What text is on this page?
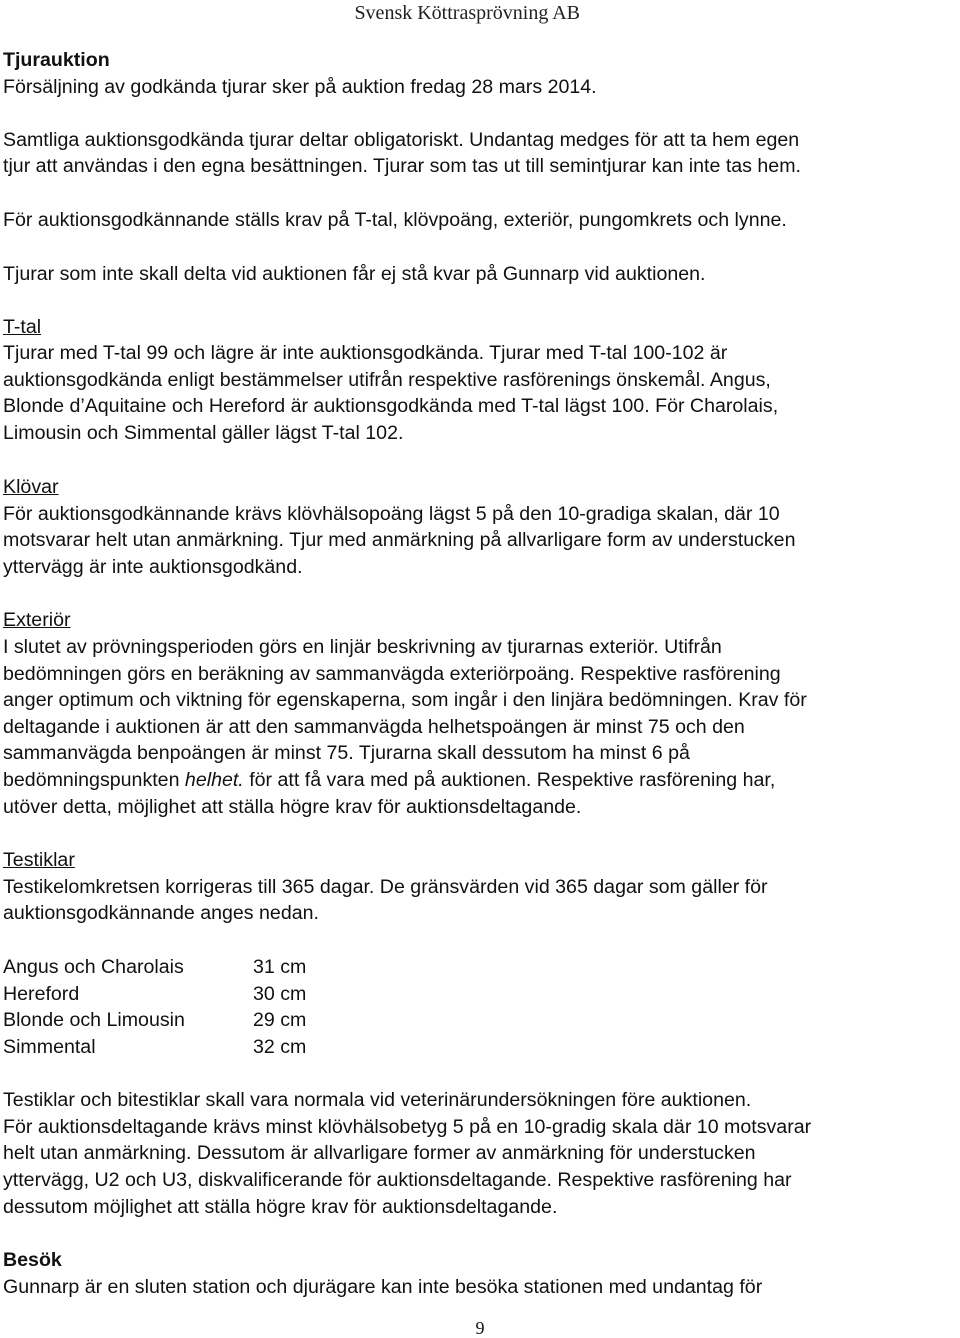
Svensk Köttrasprövning AB
Tjurauktion
Försäljning av godkända tjurar sker på auktion fredag 28 mars 2014.
Samtliga auktionsgodkända tjurar deltar obligatoriskt. Undantag medges för att ta hem egen
tjur att användas i den egna besättningen. Tjurar som tas ut till semintjurar kan inte tas hem.
För auktionsgodkännande ställs krav på T-tal, klövpoäng, exteriör, pungomkrets och lynne.
Tjurar som inte skall delta vid auktionen får ej stå kvar på Gunnarp vid auktionen.
T-tal
Tjurar med T-tal 99 och lägre är inte auktionsgodkända. Tjurar med T-tal 100-102 är
auktionsgodkända enligt bestämmelser utifrån respektive rasförenings önskemål. Angus,
Blonde d’Aquitaine och Hereford är auktionsgodkända med T-tal lägst 100. För Charolais,
Limousin och Simmental gäller lägst T-tal 102.
Klövar
För auktionsgodkännande krävs klövhälsopoäng lägst 5 på den 10-gradiga skalan, där 10
motsvarar helt utan anmärkning. Tjur med anmärkning på allvarligare form av understucken
yttervägg är inte auktionsgodkänd.
Exteriör
I slutet av prövningsperioden görs en linjär beskrivning av tjurarnas exteriör. Utifrån
bedömningen görs en beräkning av sammanvägda exteriörpoäng. Respektive rasförening
anger optimum och viktning för egenskaperna, som ingår i den linjära bedömningen. Krav för
deltagande i auktionen är att den sammanvägda helhetspoängen är minst 75 och den
sammanvägda benpoängen är minst 75. Tjurarna skall dessutom ha minst 6 på
bedömningspunkten helhet. för att få vara med på auktionen. Respektive rasförening har,
utöver detta, möjlighet att ställa högre krav för auktionsdeltagande.
Testiklar
Testikelomkretsen korrigeras till 365 dagar. De gränsvärden vid 365 dagar som gäller för
auktionsgodkännande anges nedan.
Angus och Charolais	31 cm
Hereford	30 cm
Blonde och Limousin	29 cm
Simmental	32 cm
Testiklar och bitestiklar skall vara normala vid veterinärundersökningen före auktionen.
För auktionsdeltagande krävs minst klövhälsobetyg 5 på en 10-gradig skala där 10 motsvarar
helt utan anmärkning. Dessutom är allvarligare former av anmärkning för understucken
yttervägg, U2 och U3, diskvalificerande för auktionsdeltagande. Respektive rasförening har
dessutom möjlighet att ställa högre krav för auktionsdeltagande.
Besök
Gunnarp är en sluten station och djurägare kan inte besöka stationen med undantag för
9
